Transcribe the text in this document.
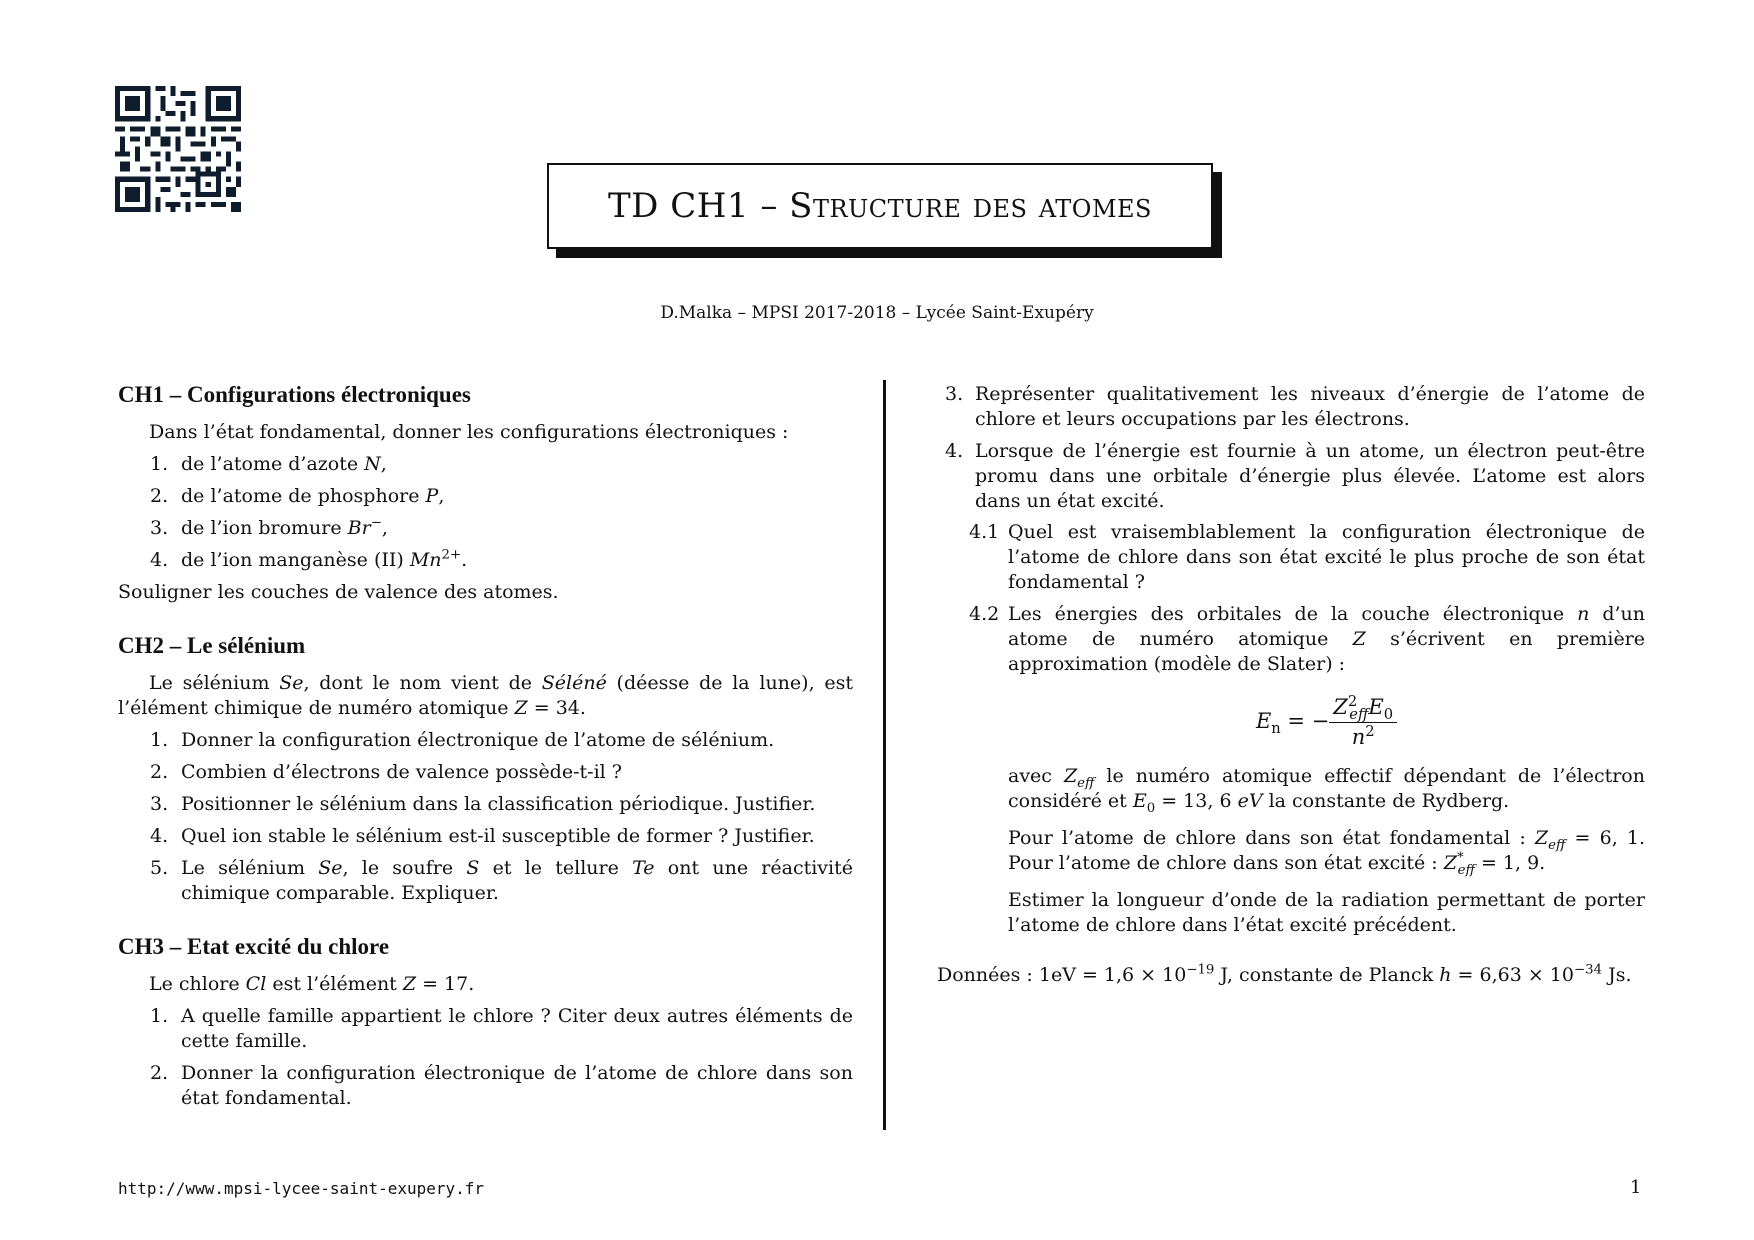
TD CH1 – Structure des atomes
D.Malka – MPSI 2017-2018 – Lycée Saint-Exupéry
CH1 – Configurations électroniques

Dans l’état fondamental, donner les configurations électroniques :

1. de l’atome d’azote N,
2. de l’atome de phosphore P,
3. de l’ion bromure Br−,
4. de l’ion manganèse (II) $Mn^{2+}$.

Souligner les couches de valence des atomes.

CH2 – Le sélénium

Le sélénium Se, dont le nom vient de Séléné (déesse de la lune), est l’élément chimique de numéro atomique Z = 34.

1. Donner la configuration électronique de l’atome de sélénium.
2. Combien d’électrons de valence possède-t-il ?
3. Positionner le sélénium dans la classification périodique. Justifier.
4. Quel ion stable le sélénium est-il susceptible de former ? Justifier.
5. Le sélénium Se, le soufre S et le tellure Te ont une réactivité chimique comparable. Expliquer.
CH3 – Etat excité du chlore

Le chlore Cl est l’élément Z = 17.

1. A quelle famille appartient le chlore ? Citer deux autres éléments de cette famille.
2. Donner la configuration électronique de l’atome de chlore dans son état fondamental.
3. Représenter qualitativement les niveaux d’énergie de l’atome de chlore et leurs occupations par les électrons.
4. Lorsque de l’énergie est fournie à un atome, un électron peut-être promu dans une orbitale d’énergie plus élevée. L’atome est alors dans un état excité.
4.1 Quel est vraisemblablement la configuration électronique de l’atome de chlore dans son état excité le plus proche de son état fondamental ?
4.2 Les énergies des orbitales de la couche électronique n d’un atome de numéro atomique Z s’écrivent en première approximation (modèle de Slater) :
$E_n$ = − $\frac{Z^2_{eff}E_0}{n^2}$

avec $Z_{eff}$ le numéro atomique effectif dépendant de l’électron considéré et $E_0 = 13$, 6 eV la constante de Rydberg.

Pour l’atome de chlore dans son état fondamental : $Z_{eff} = 6$, 1. Pour l’atome de chlore dans son état excité : $Z^*_{eff} = 1$, 9.

Estimer la longueur d’onde de la radiation permettant de porter l’atome de chlore dans l’état excité précédent.

Données : $1eV = 1,6 \times 10^{-19}$ J, constante de Planck $h = 6,63 \times 10^{-34}$ Js.

http://www.mpsi-lycee-saint-exupery.fr	1
